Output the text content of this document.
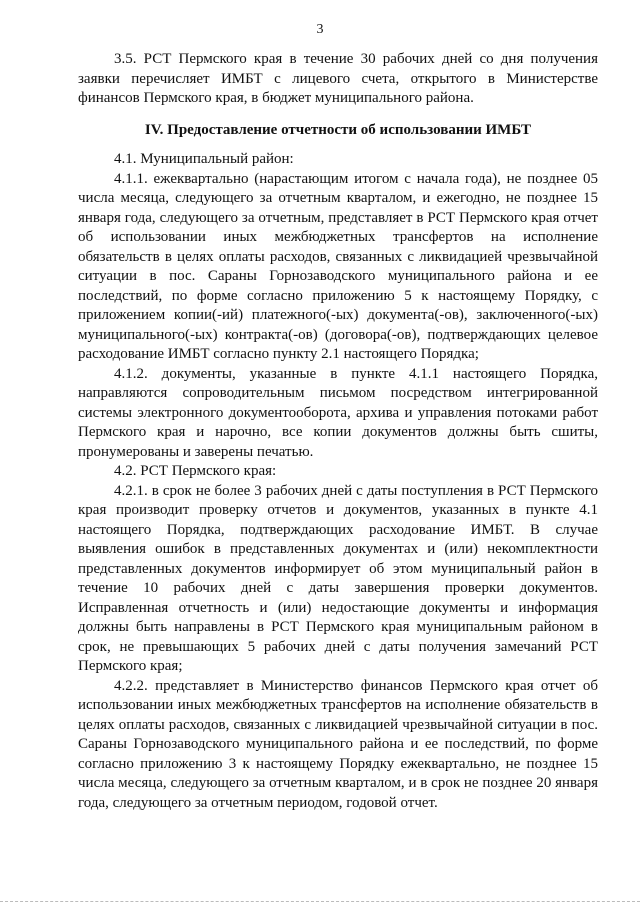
3

3.5. РСТ Пермского края в течение 30 рабочих дней со дня получения заявки перечисляет ИМБТ с лицевого счета, открытого в Министерстве финансов Пермского края, в бюджет муниципального района.

IV. Предоставление отчетности об использовании ИМБТ

4.1. Муниципальный район:

4.1.1. ежеквартально (нарастающим итогом с начала года), не позднее 05 числа месяца, следующего за отчетным кварталом, и ежегодно, не позднее 15 января года, следующего за отчетным, представляет в РСТ Пермского края отчет об использовании иных межбюджетных трансфертов на исполнение обязательств в целях оплаты расходов, связанных с ликвидацией чрезвычайной ситуации в пос. Сараны Горнозаводского муниципального района и ее последствий, по форме согласно приложению 5 к настоящему Порядку, с приложением копии(-ий) платежного(-ых) документа(-ов), заключенного(-ых) муниципального(-ых) контракта(-ов) (договора(-ов), подтверждающих целевое расходование ИМБТ согласно пункту 2.1 настоящего Порядка;

4.1.2. документы, указанные в пункте 4.1.1 настоящего Порядка, направляются сопроводительным письмом посредством интегрированной системы электронного документооборота, архива и управления потоками работ Пермского края и нарочно, все копии документов должны быть сшиты, пронумерованы и заверены печатью.

4.2. РСТ Пермского края:

4.2.1. в срок не более 3 рабочих дней с даты поступления в РСТ Пермского края производит проверку отчетов и документов, указанных в пункте 4.1 настоящего Порядка, подтверждающих расходование ИМБТ. В случае выявления ошибок в представленных документах и (или) некомплектности представленных документов информирует об этом муниципальный район в течение 10 рабочих дней с даты завершения проверки документов. Исправленная отчетность и (или) недостающие документы и информация должны быть направлены в РСТ Пермского края муниципальным районом в срок, не превышающих 5 рабочих дней с даты получения замечаний РСТ Пермского края;

4.2.2. представляет в Министерство финансов Пермского края отчет об использовании иных межбюджетных трансфертов на исполнение обязательств в целях оплаты расходов, связанных с ликвидацией чрезвычайной ситуации в пос. Сараны Горнозаводского муниципального района и ее последствий, по форме согласно приложению 3 к настоящему Порядку ежеквартально, не позднее 15 числа месяца, следующего за отчетным кварталом, и в срок не позднее 20 января года, следующего за отчетным периодом, годовой отчет.
